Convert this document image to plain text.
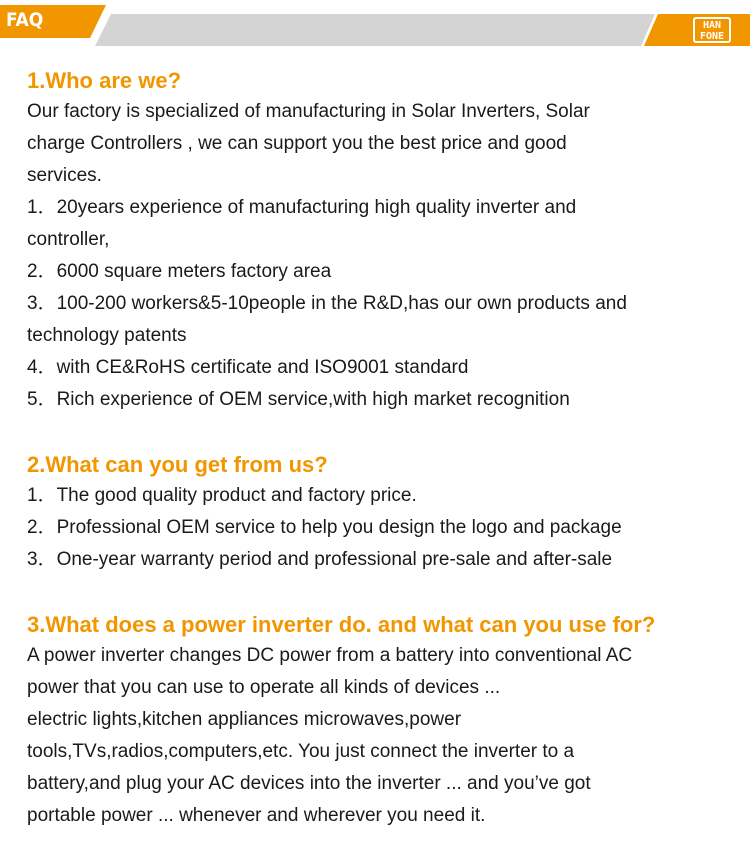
FAQ	HAN
FONE

1.Who are we?

Our factory is specialized of manufacturing in Solar Inverters, Solar

charge Controllers , we can support you the best price and good

services.

1．20years experience of manufacturing high quality inverter and

controller,

2．6000 square meters factory area

3．100-200 workers&5-10people in the R&D,has our own products and

technology patents

4．with CE&RoHS certificate and ISO9001 standard

5．Rich experience of OEM service,with high market recognition

2.What can you get from us?

1．The good quality product and factory price.

2．Professional OEM service to help you design the logo and package

3．One-year warranty period and professional pre-sale and after-sale

3.What does a power inverter do. and what can you use for?

A power inverter changes DC power from a battery into conventional AC

power that you can use to operate all kinds of devices ...

electric lights,kitchen appliances microwaves,power

tools,TVs,radios,computers,etc. You just connect the inverter to a

battery,and plug your AC devices into the inverter ... and you’ve got

portable power ... whenever and wherever you need it.
